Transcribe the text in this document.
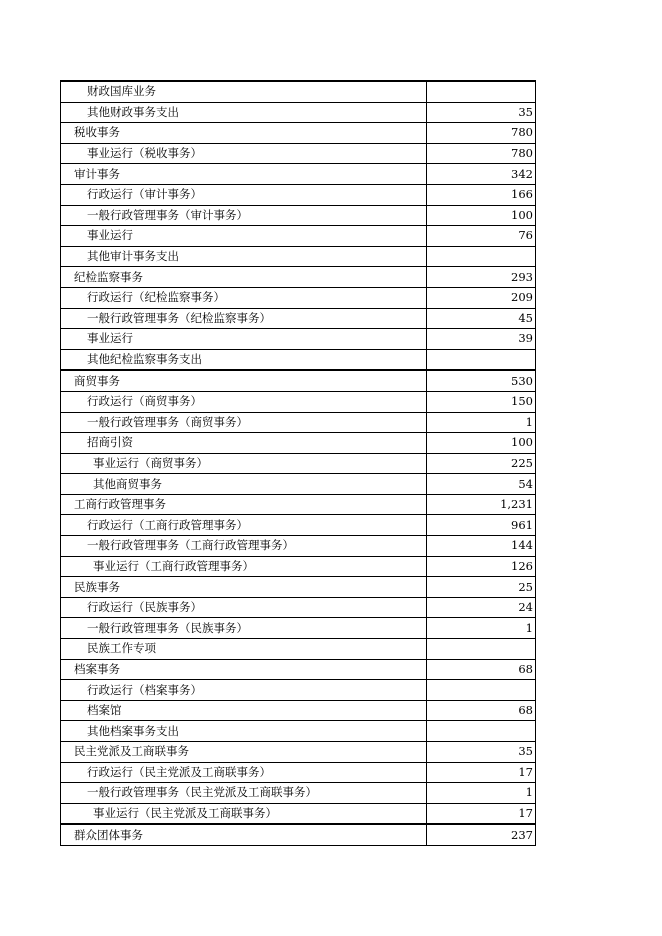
财政国库业务	
其他财政事务支出	35
税收事务	780
事业运行（税收事务）	780
审计事务	342
行政运行（审计事务）	166
一般行政管理事务（审计事务）	100
事业运行	76
其他审计事务支出	
纪检监察事务	293
行政运行（纪检监察事务）	209
一般行政管理事务（纪检监察事务）	45
事业运行	39
其他纪检监察事务支出	
商贸事务	530
行政运行（商贸事务）	150
一般行政管理事务（商贸事务）	1
招商引资	100
事业运行（商贸事务）	225
其他商贸事务	54
工商行政管理事务	1,231
行政运行（工商行政管理事务）	961
一般行政管理事务（工商行政管理事务）	144
事业运行（工商行政管理事务）	126
民族事务	25
行政运行（民族事务）	24
一般行政管理事务（民族事务）	1
民族工作专项	
档案事务	68
行政运行（档案事务）	
档案馆	68
其他档案事务支出	
民主党派及工商联事务	35
行政运行（民主党派及工商联事务）	17
一般行政管理事务（民主党派及工商联事务）	1
事业运行（民主党派及工商联事务）	17
群众团体事务	237
